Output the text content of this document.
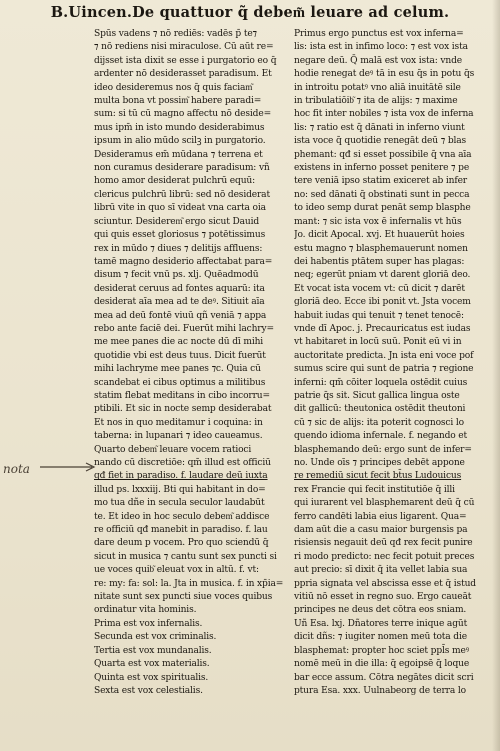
B.Uincen.De quattuor q̃ debem͂ leuare ad celum.
nota
Spūs vadens ⁊ nō rediēs: vadēs p̄ te⁊
⁊ nō rediens nisi miraculose. Cū aūt re=
dijsset ista dixit se esse i purgatorio eo q̄
ardenter nō desiderasset paradisum. Et
ideo desideremus nos q̄ quis faciam͂
multa bona vt possim͂ habere paradi=
sum: si tū cū magno affectu nō deside=
mus ipm̄ in isto mundo desiderabimus
ipsum in alio mūdo scilꝫ in purgatorio.
Desideramus em̄ mūdana ⁊ terrena et
non curamus desiderare paradisum: vñ
homo amor desiderat pulchrū equū:
clericus pulchrū librū: sed nō desiderat
librū vite in quo sī videat vna carta oia
sciuntur. Desiderem͂ ergo sicut Dauid
qui quis esset gloriosus ⁊ potētissimus
rex in mūdo ⁊ diues ⁊ delitijs affluens:
tamē magno desiderio affectabat para=
disum ⁊ fecit vnū ps. xlj. Quēadmodū
desiderat ceruus ad fontes aquarū: ita
desiderat aīa mea ad te deꝰ. Sitiuit aīa
mea ad deū fontē viuū qñ veniā ⁊ appa
rebo ante faciē dei. Fuerūt mihi lachry=
me mee panes die ac nocte dū dī mihi
quotidie vbi est deus tuus. Dicit fuerūt
mihi lachryme mee panes ⁊c. Quia cū
scandebat ei cibus optimus a militibus
statim flebat meditans in cibo incorru=
ptibili. Et sic in nocte semp desiderabat
Et nos in quo meditamur i coquina: in
taberna: in lupanari ⁊ ideo caueamus.
Quarto debem͂ leuare vocem ratioci
nando cū discretiōe: qm̄ illud est officiū
qđ fiet in paradiso. f. laudare deū iuxta
illud ps. lxxxiij. Bti qui habitant in do=
mo tua dñe in secula seculor laudabūt
te. Et ideo in hoc seculo debem͂ addisce
re officiū qđ manebit in paradiso. f. lau
dare deum p vocem. Pro quo sciendū q̄
sicut in musica ⁊ cantu sunt sex puncti si
ue voces quib͂ eleuat vox in altū. f. vt:
re: my: fa: sol: la. Jta in musica. f. in xp̄ia=
nitate sunt sex puncti siue voces quibus
ordinatur vita hominis.
Prima est vox infernalis.
Secunda est vox criminalis.
Tertia est vox mundanalis.
Quarta est vox materialis.
Quinta est vox spiritualis.
Sexta est vox celestialis.
Primus ergo punctus est vox inferna=
lis: ista est in infimo loco: ⁊ est vox ista
negare deū. Q̄ malā est vox ista: vnde
hodie renegat deꝰ tā in esu q̄s in potu q̄s
in introitu potatꝰ vno aliā inuitātē sile
in tribulatiōib͂ ⁊ ita de alijs: ⁊ maxime
hoc fit inter nobiles ⁊ ista vox de inferna
lis: ⁊ ratio est q̄ dānati in inferno viunt
ista voce q̄ quotidie renegāt deū ⁊ blas
phemant: qđ si esset possibile q̄ vna aīa
existens in inferno posset penitere ⁊ pe
tere veniā ipso statim exiceret ab infer
no: sed dānati q̄ obstinati sunt in pecca
to ideo semp durat penāt semp blasphe
mant: ⁊ sic ista vox ē infernalis vt hūs
Jo. dicit Apocal. xvj. Et huauerūt hoies
estu magno ⁊ blasphemauerunt nomen
dei habentis ptātem super has plagas:
neq; egerūt pniam vt darent gloriā deo.
Et vocat ista vocem vt: cū dicit ⁊ darēt
gloriā deo. Ecce ibi ponit vt. Jsta vocem
habuit iudas qui tenuit ⁊ tenet tenocē:
vnde dī Apoc. j. Precauricatus est iudas
vt habitaret in locū suū. Ponit eū vi in
auctoritate predicta. Jn ista eni voce pof
sumus scire qui sunt de patria ⁊ regione
inferni: qm̄ cōiter loquela ostēdit cuius
patrie q̄s sit. Sicut gallica lingua oste
dit gallicū: theutonica ostēdit theutoni
cū ⁊ sic de alijs: ita poterit cognosci lo
quendo idioma infernale. f. negando et
blasphemando deū: ergo sunt de infer=
no. Unde oīs ⁊ principes debēt appone
re remediū sicut fecit bt̄us Ludouicus
rex Francie qui fecit institutiōe q̄ illi
qui iurarent vel blasphemarent deū q̄ cū
ferro candēti labia eius ligarent. Qua=
dam aūt die a casu maior burgensis pa
risiensis negauit deū qđ rex fecit punire
ri modo predicto: nec fecit potuit preces
aut precio: sī dixit q̄ ita vellet labia sua
ppria signata vel abscissa esse et q̄ istud
vitiū nō esset in regno suo. Ergo caueāt
principes ne deus det cōtra eos sniam.
Uñ Esa. lxj. Dñatores terre inique agūt
dicit dñs: ⁊ iugiter nomen meū tota die
blasphemat: propter hoc sciet ppl̄s meꝰ
nomē meū in die illa: q̄ egoipsē q̄ loque
bar ecce assum. Cōtra negātes dicit scri
ptura Esa. xxx. Uulnabeorg de terra lo
